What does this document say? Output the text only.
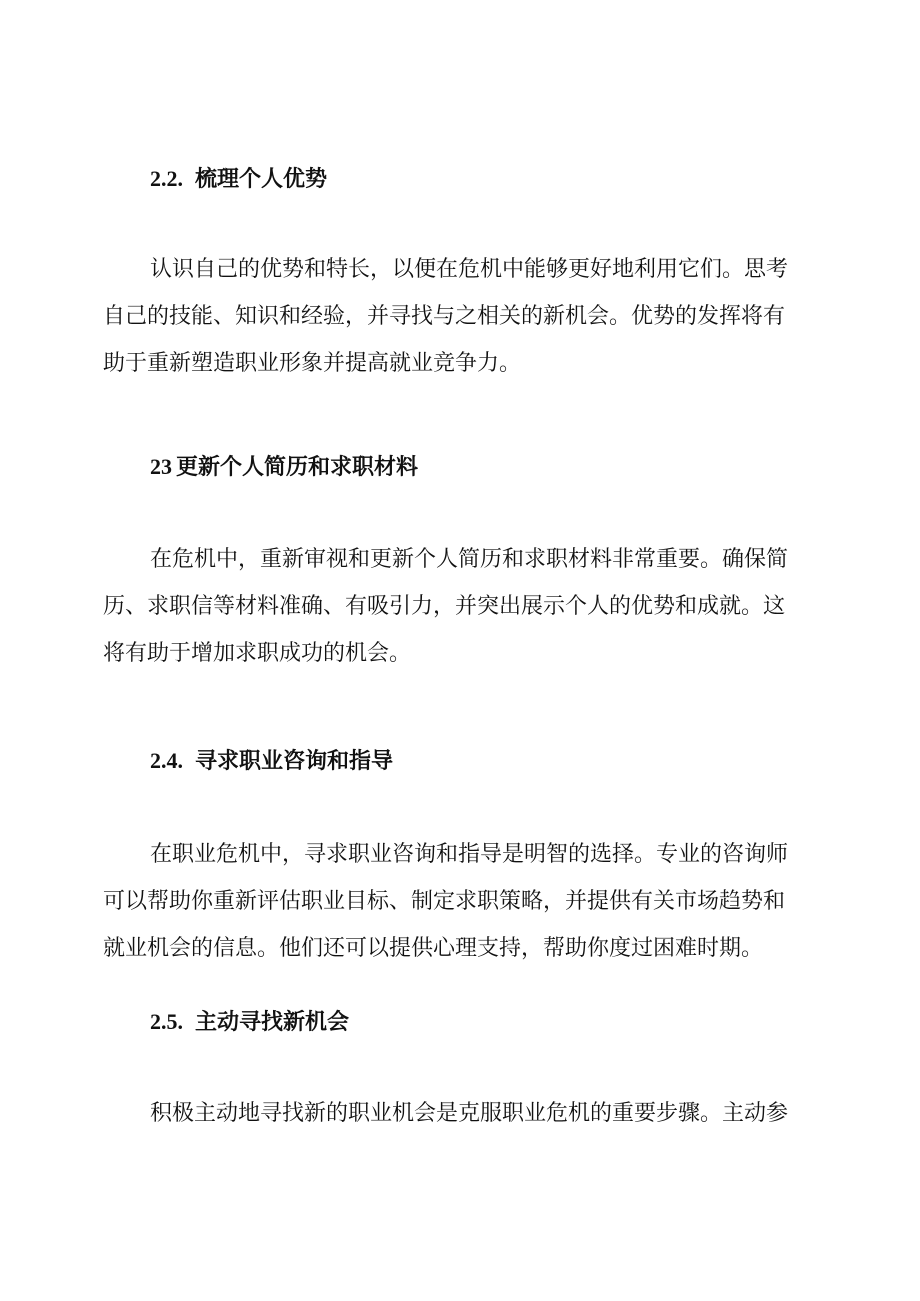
2.2. 梳理个人优势
认识自己的优势和特长，以便在危机中能够更好地利用它们。思考
自己的技能、知识和经验，并寻找与之相关的新机会。优势的发挥将有
助于重新塑造职业形象并提高就业竞争力。
23 更新个人简历和求职材料
在危机中，重新审视和更新个人简历和求职材料非常重要。确保简
历、求职信等材料准确、有吸引力，并突出展示个人的优势和成就。这
将有助于增加求职成功的机会。
2.4. 寻求职业咨询和指导
在职业危机中，寻求职业咨询和指导是明智的选择。专业的咨询师
可以帮助你重新评估职业目标、制定求职策略，并提供有关市场趋势和
就业机会的信息。他们还可以提供心理支持，帮助你度过困难时期。
2.5. 主动寻找新机会
积极主动地寻找新的职业机会是克服职业危机的重要步骤。主动参
